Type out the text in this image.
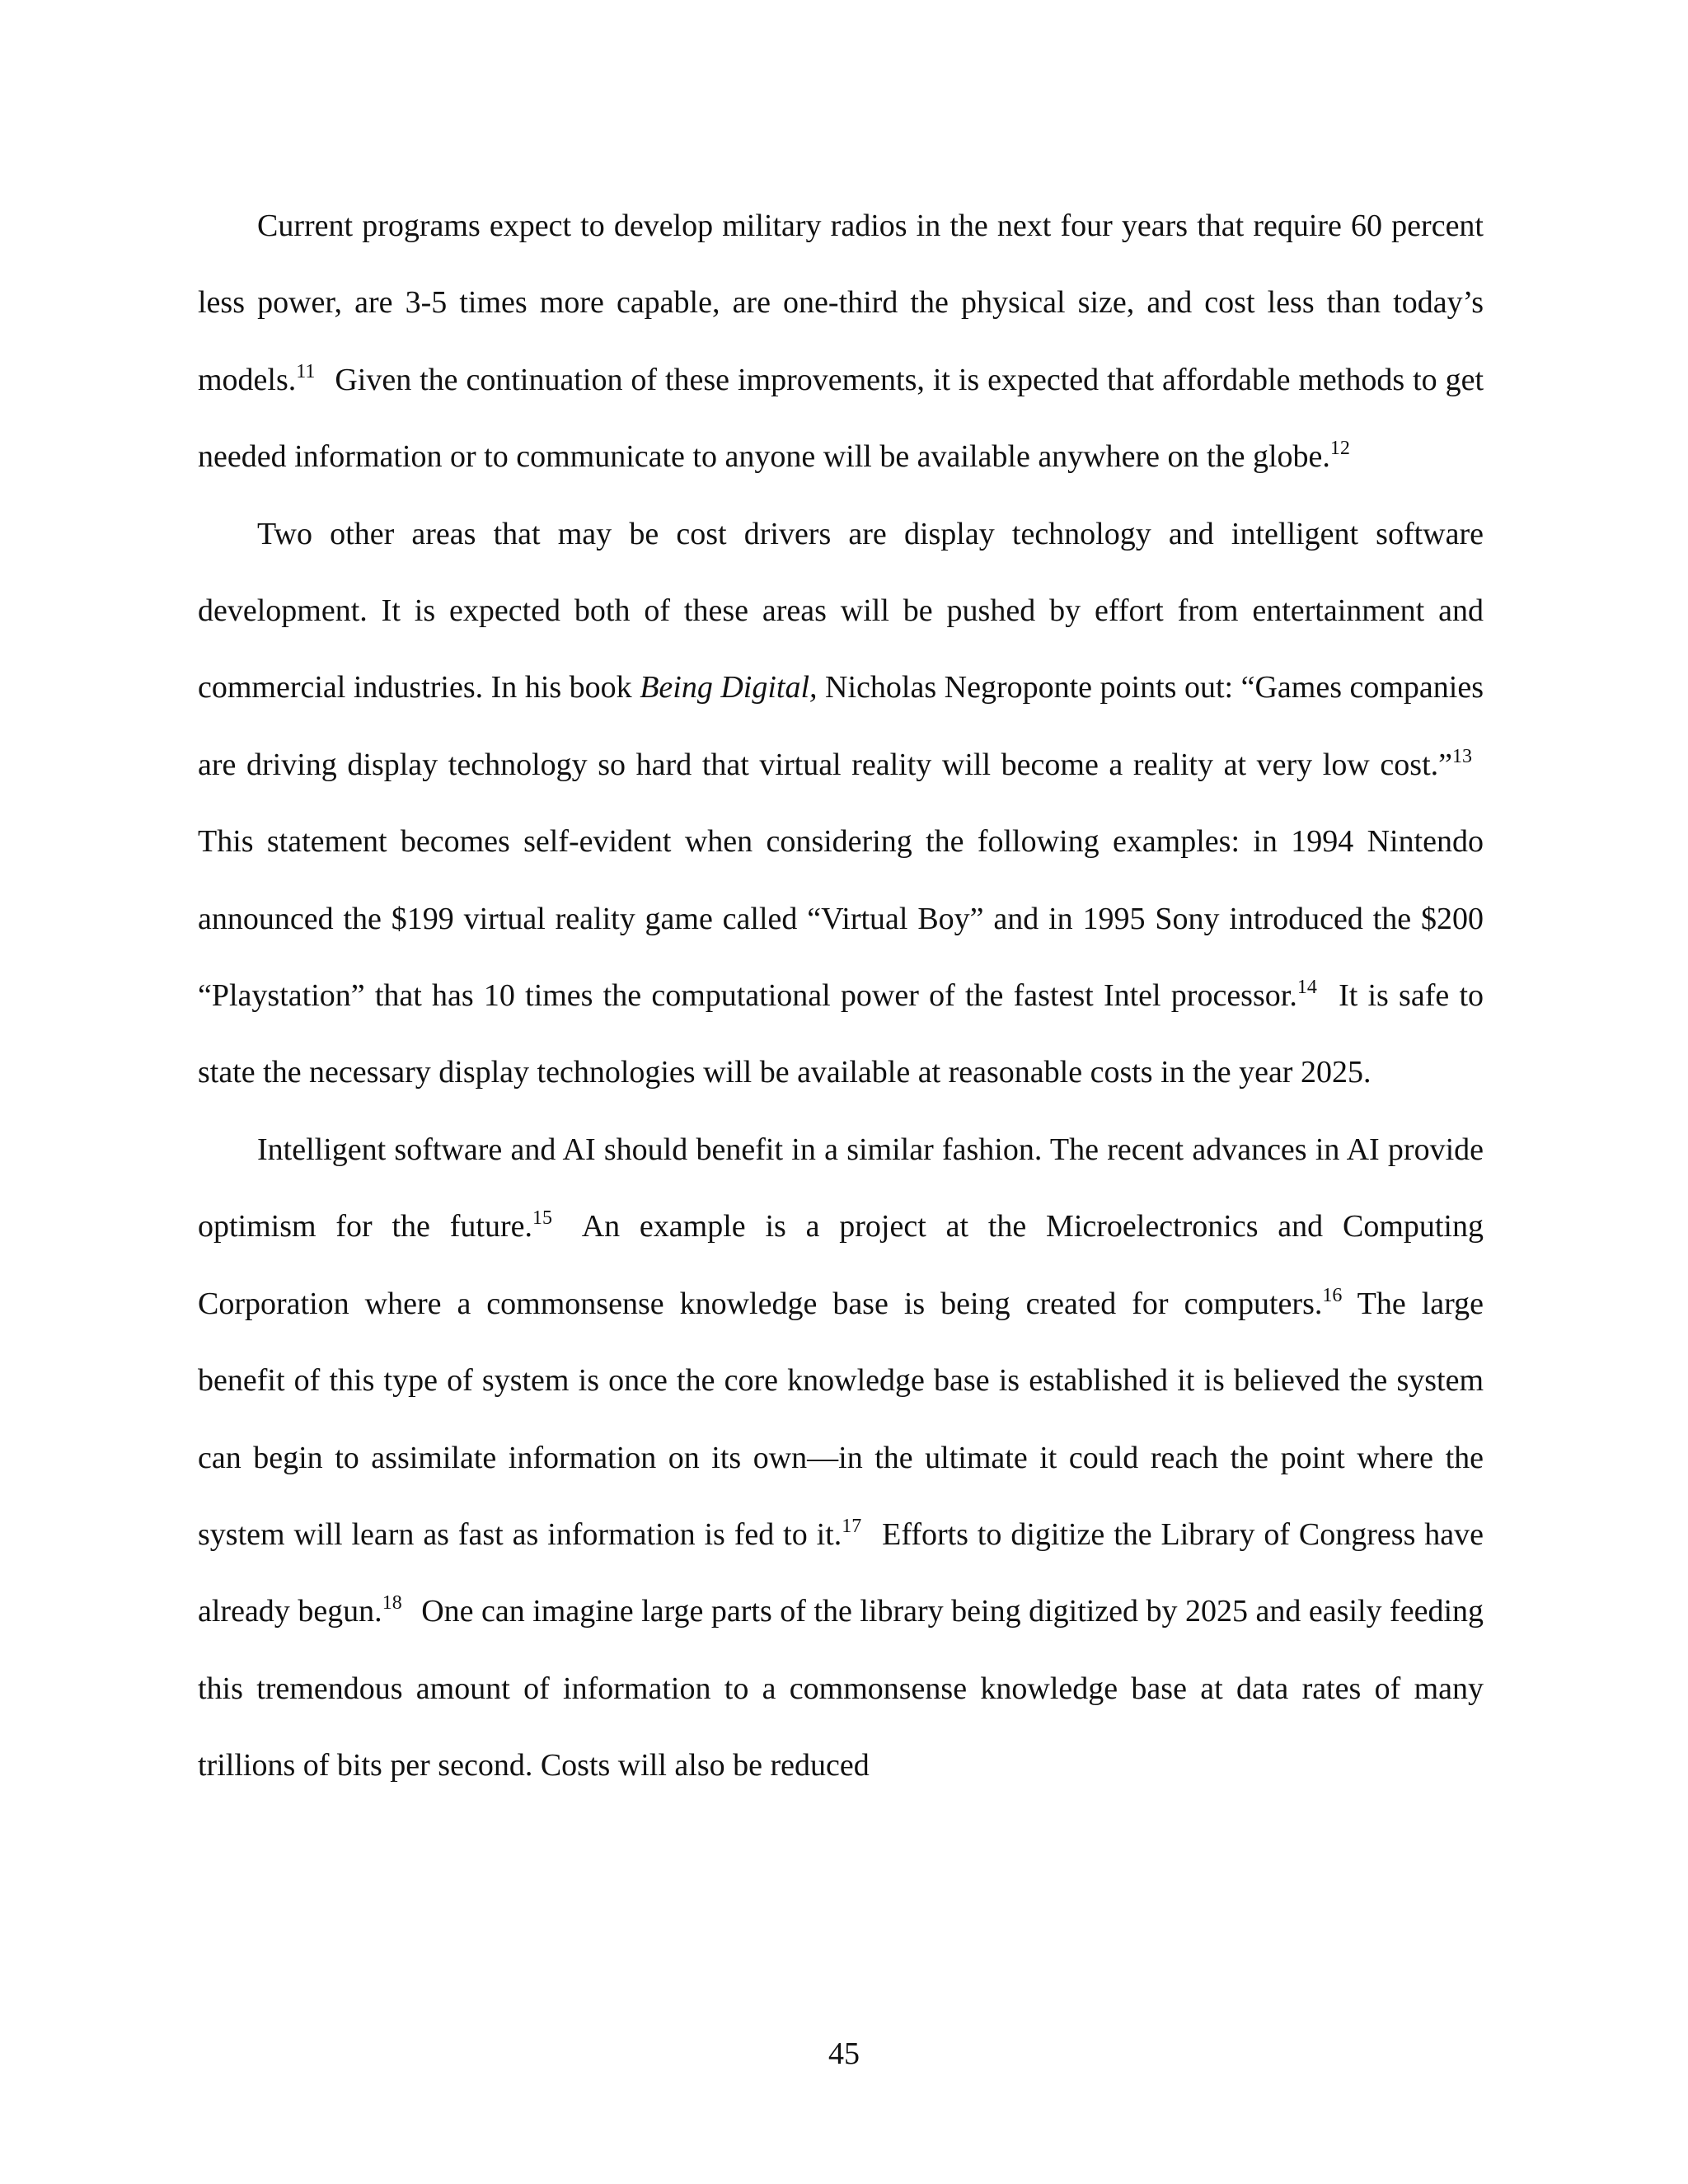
Current programs expect to develop military radios in the next four years that require 60 percent less power, are 3-5 times more capable, are one-third the physical size, and cost less than today’s models.$^{11}$ Given the continuation of these improvements, it is expected that affordable methods to get needed information or to communicate to anyone will be available anywhere on the globe.$^{12}$

Two other areas that may be cost drivers are display technology and intelligent software development. It is expected both of these areas will be pushed by effort from entertainment and commercial industries. In his book Being Digital, Nicholas Negroponte points out: “Games companies are driving display technology so hard that virtual reality will become a reality at very low cost.”$^{13}$ This statement becomes self-evident when considering the following examples: in 1994 Nintendo announced the $199 virtual reality game called “Virtual Boy” and in 1995 Sony introduced the $200 “Playstation” that has 10 times the computational power of the fastest Intel processor.$^{14}$ It is safe to state the necessary display technologies will be available at reasonable costs in the year 2025.

Intelligent software and AI should benefit in a similar fashion. The recent advances in AI provide optimism for the future.$^{15}$ An example is a project at the Microelectronics and Computing Corporation where a commonsense knowledge base is being created for computers.$^{16}$ The large benefit of this type of system is once the core knowledge base is established it is believed the system can begin to assimilate information on its own—in the ultimate it could reach the point where the system will learn as fast as information is fed to it.$^{17}$ Efforts to digitize the Library of Congress have already begun.$^{18}$ One can imagine large parts of the library being digitized by 2025 and easily feeding this tremendous amount of information to a commonsense knowledge base at data rates of many trillions of bits per second. Costs will also be reduced

45
